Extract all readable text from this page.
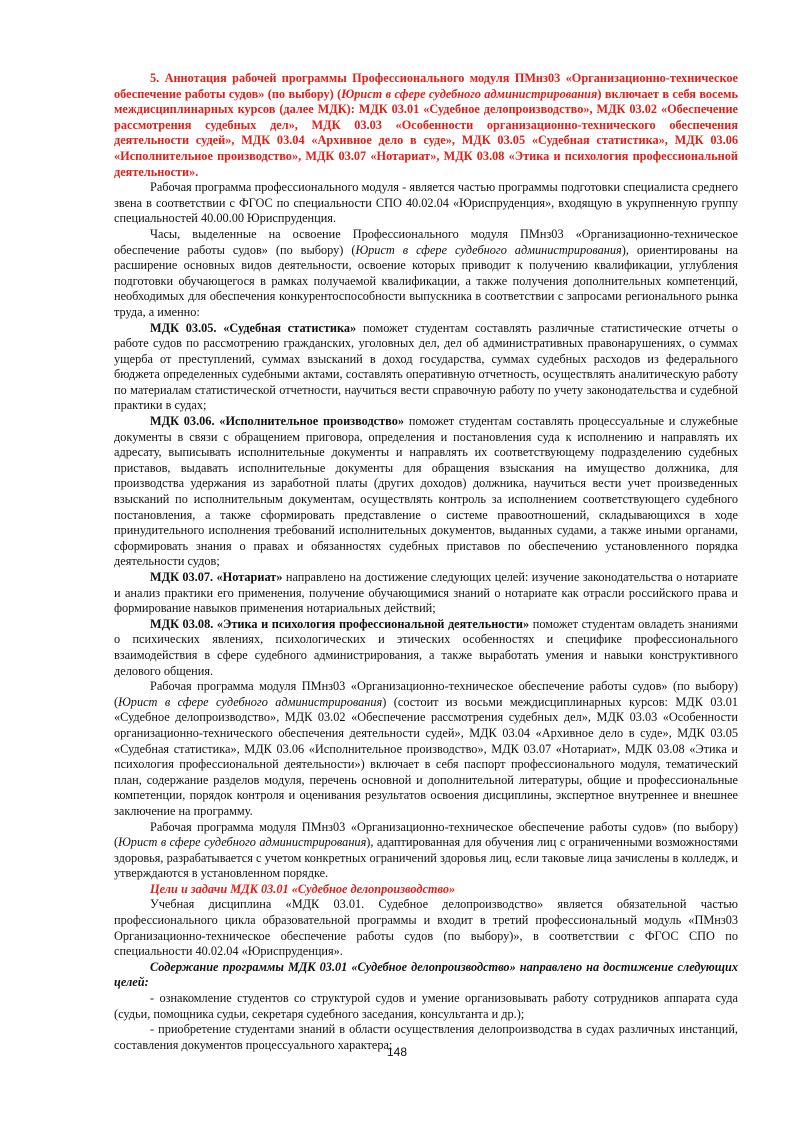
5. Аннотация рабочей программы Профессионального модуля ПМнз03 «Организационно-техническое обеспечение работы судов» (по выбору) (Юрист в сфере судебного администрирования) включает в себя восемь междисциплинарных курсов (далее МДК): МДК 03.01 «Судебное делопроизводство», МДК 03.02 «Обеспечение рассмотрения судебных дел», МДК 03.03 «Особенности организационно-технического обеспечения деятельности судей», МДК 03.04 «Архивное дело в суде», МДК 03.05 «Судебная статистика», МДК 03.06 «Исполнительное производство», МДК 03.07 «Нотариат», МДК 03.08 «Этика и психология профессиональной деятельности».

Рабочая программа профессионального модуля - является частью программы подготовки специалиста среднего звена в соответствии с ФГОС по специальности СПО 40.02.04 «Юриспруденция», входящую в укрупненную группу специальностей 40.00.00 Юриспруденция.

Часы, выделенные на освоение Профессионального модуля ПМнз03 «Организационно-техническое обеспечение работы судов» (по выбору) (Юрист в сфере судебного администрирования), ориентированы на расширение основных видов деятельности, освоение которых приводит к получению квалификации, углубления подготовки обучающегося в рамках получаемой квалификации, а также получения дополнительных компетенций, необходимых для обеспечения конкурентоспособности выпускника в соответствии с запросами регионального рынка труда, а именно:

МДК 03.05. «Судебная статистика» поможет студентам составлять различные статистические отчеты о работе судов по рассмотрению гражданских, уголовных дел, дел об административных правонарушениях, о суммах ущерба от преступлений, суммах взысканий в доход государства, суммах судебных расходов из федерального бюджета определенных судебными актами, составлять оперативную отчетность, осуществлять аналитическую работу по материалам статистической отчетности, научиться вести справочную работу по учету законодательства и судебной практики в судах;

МДК 03.06. «Исполнительное производство» поможет студентам составлять процессуальные и служебные документы в связи с обращением приговора, определения и постановления суда к исполнению и направлять их адресату, выписывать исполнительные документы и направлять их соответствующему подразделению судебных приставов, выдавать исполнительные документы для обращения взыскания на имущество должника, для производства удержания из заработной платы (других доходов) должника, научиться вести учет произведенных взысканий по исполнительным документам, осуществлять контроль за исполнением соответствующего судебного постановления, а также сформировать представление о системе правоотношений, складывающихся в ходе принудительного исполнения требований исполнительных документов, выданных судами, а также иными органами, сформировать знания о правах и обязанностях судебных приставов по обеспечению установленного порядка деятельности судов;

МДК 03.07. «Нотариат» направлено на достижение следующих целей: изучение законодательства о нотариате и анализ практики его применения, получение обучающимися знаний о нотариате как отрасли российского права и формирование навыков применения нотариальных действий;

МДК 03.08. «Этика и психология профессиональной деятельности» поможет студентам овладеть знаниями о психических явлениях, психологических и этических особенностях и специфике профессионального взаимодействия в сфере судебного администрирования, а также выработать умения и навыки конструктивного делового общения.

Рабочая программа модуля ПМнз03 «Организационно-техническое обеспечение работы судов» (по выбору) (Юрист в сфере судебного администрирования) (состоит из восьми междисциплинарных курсов: МДК 03.01 «Судебное делопроизводство», МДК 03.02 «Обеспечение рассмотрения судебных дел», МДК 03.03 «Особенности организационно-технического обеспечения деятельности судей», МДК 03.04 «Архивное дело в суде», МДК 03.05 «Судебная статистика», МДК 03.06 «Исполнительное производство», МДК 03.07 «Нотариат», МДК 03.08 «Этика и психология профессиональной деятельности») включает в себя паспорт профессионального модуля, тематический план, содержание разделов модуля, перечень основной и дополнительной литературы, общие и профессиональные компетенции, порядок контроля и оценивания результатов освоения дисциплины, экспертное внутреннее и внешнее заключение на программу.

Рабочая программа модуля ПМнз03 «Организационно-техническое обеспечение работы судов» (по выбору) (Юрист в сфере судебного администрирования), адаптированная для обучения лиц с ограниченными возможностями здоровья, разрабатывается с учетом конкретных ограничений здоровья лиц, если таковые лица зачислены в колледж, и утверждаются в установленном порядке.

Цели и задачи МДК 03.01 «Судебное делопроизводство»

Учебная дисциплина «МДК 03.01. Судебное делопроизводство» является обязательной частью профессионального цикла образовательной программы и входит в третий профессиональный модуль «ПМнз03 Организационно-техническое обеспечение работы судов (по выбору)», в соответствии с ФГОС СПО по специальности 40.02.04 «Юриспруденция».

Содержание программы МДК 03.01 «Судебное делопроизводство» направлено на достижение следующих целей:

- ознакомление студентов со структурой судов и умение организовывать работу сотрудников аппарата суда (судьи, помощника судьи, секретаря судебного заседания, консультанта и др.);

- приобретение студентами знаний в области осуществления делопроизводства в судах различных инстанций, составления документов процессуального характера;

148
